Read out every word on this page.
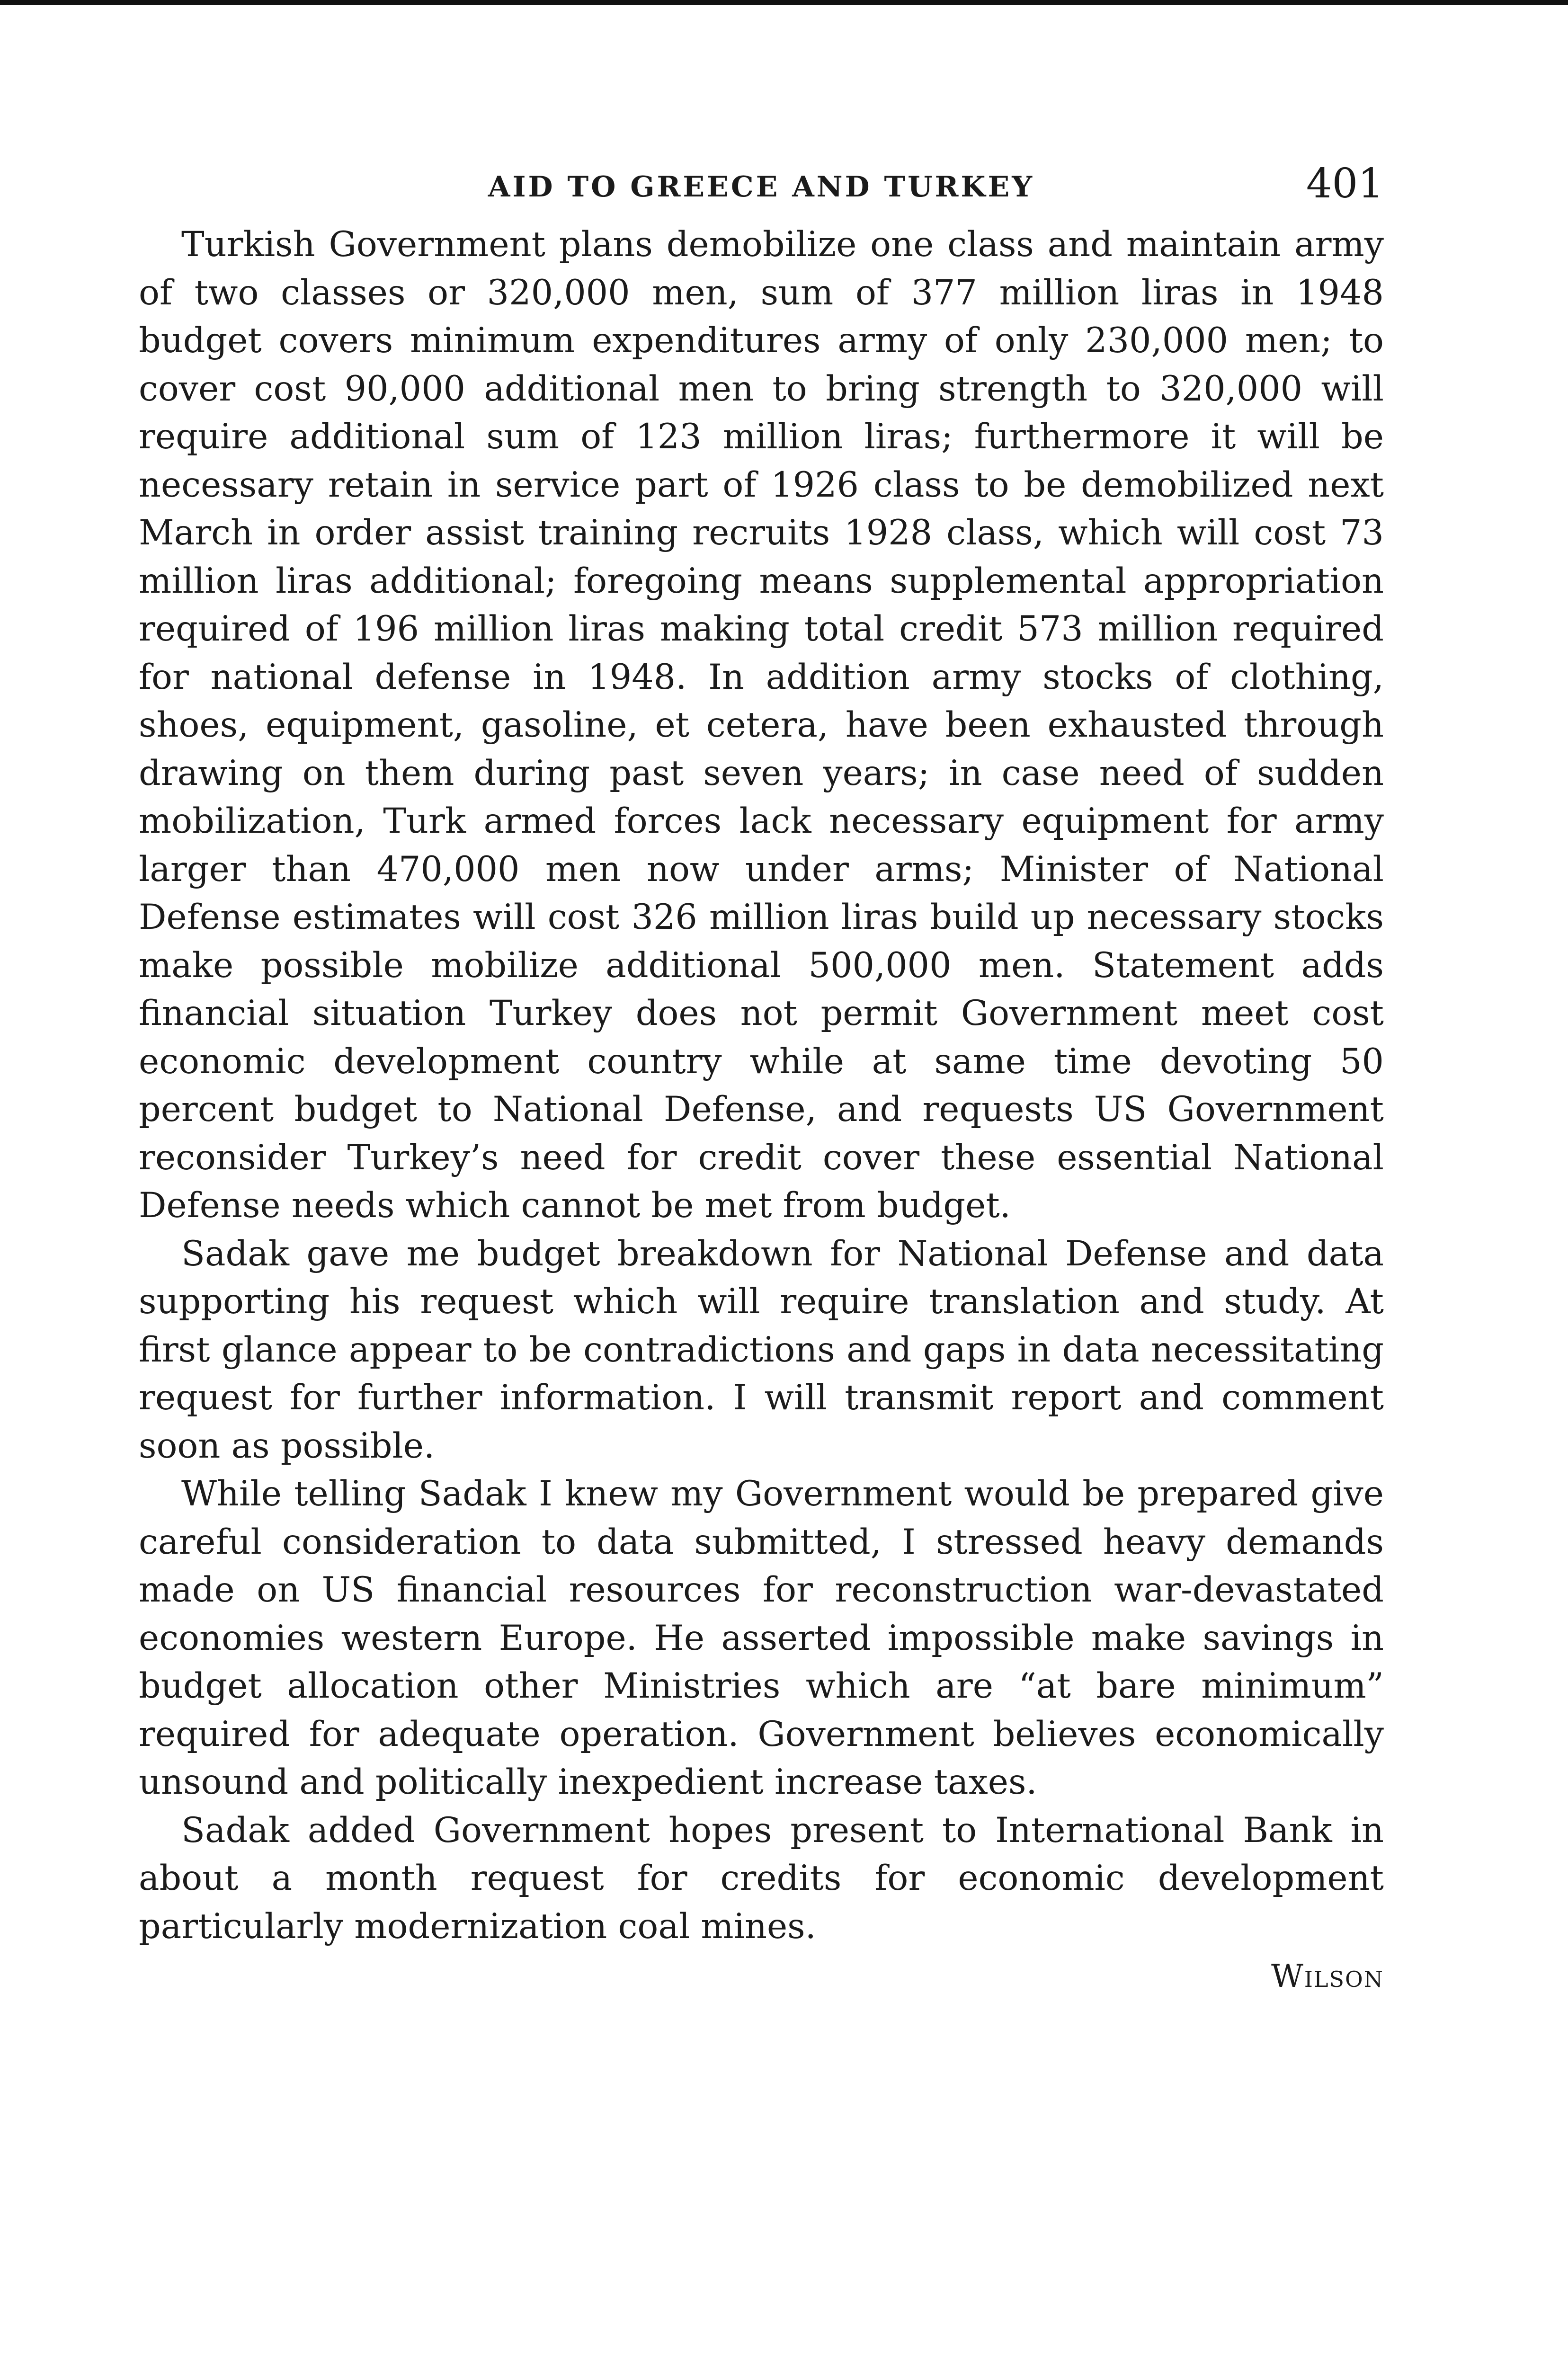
AID TO GREECE AND TURKEY	401

Turkish Government plans demobilize one class and maintain army of two classes or 320,000 men, sum of 377 million liras in 1948 budget covers minimum expenditures army of only 230,000 men; to cover cost 90,000 additional men to bring strength to 320,000 will require additional sum of 123 million liras; furthermore it will be necessary retain in service part of 1926 class to be demobilized next March in order assist training recruits 1928 class, which will cost 73 million liras additional; foregoing means supplemental appropriation required of 196 million liras making total credit 573 million required for national defense in 1948. In addition army stocks of clothing, shoes, equipment, gasoline, et cetera, have been exhausted through drawing on them during past seven years; in case need of sudden mobilization, Turk armed forces lack necessary equipment for army larger than 470,000 men now under arms; Minister of National Defense estimates will cost 326 million liras build up necessary stocks make possible mobilize additional 500,000 men. Statement adds financial situation Turkey does not permit Government meet cost economic development country while at same time devoting 50 percent budget to National Defense, and requests US Government reconsider Turkey’s need for credit cover these essential National Defense needs which cannot be met from budget.

Sadak gave me budget breakdown for National Defense and data supporting his request which will require translation and study. At first glance appear to be contradictions and gaps in data necessitating request for further information. I will transmit report and comment soon as possible.

While telling Sadak I knew my Government would be prepared give careful consideration to data submitted, I stressed heavy demands made on US financial resources for reconstruction war-devastated economies western Europe. He asserted impossible make savings in budget allocation other Ministries which are “at bare minimum” required for adequate operation. Government believes economically unsound and politically inexpedient increase taxes.

Sadak added Government hopes present to International Bank in about a month request for credits for economic development particularly modernization coal mines.

Wilson
